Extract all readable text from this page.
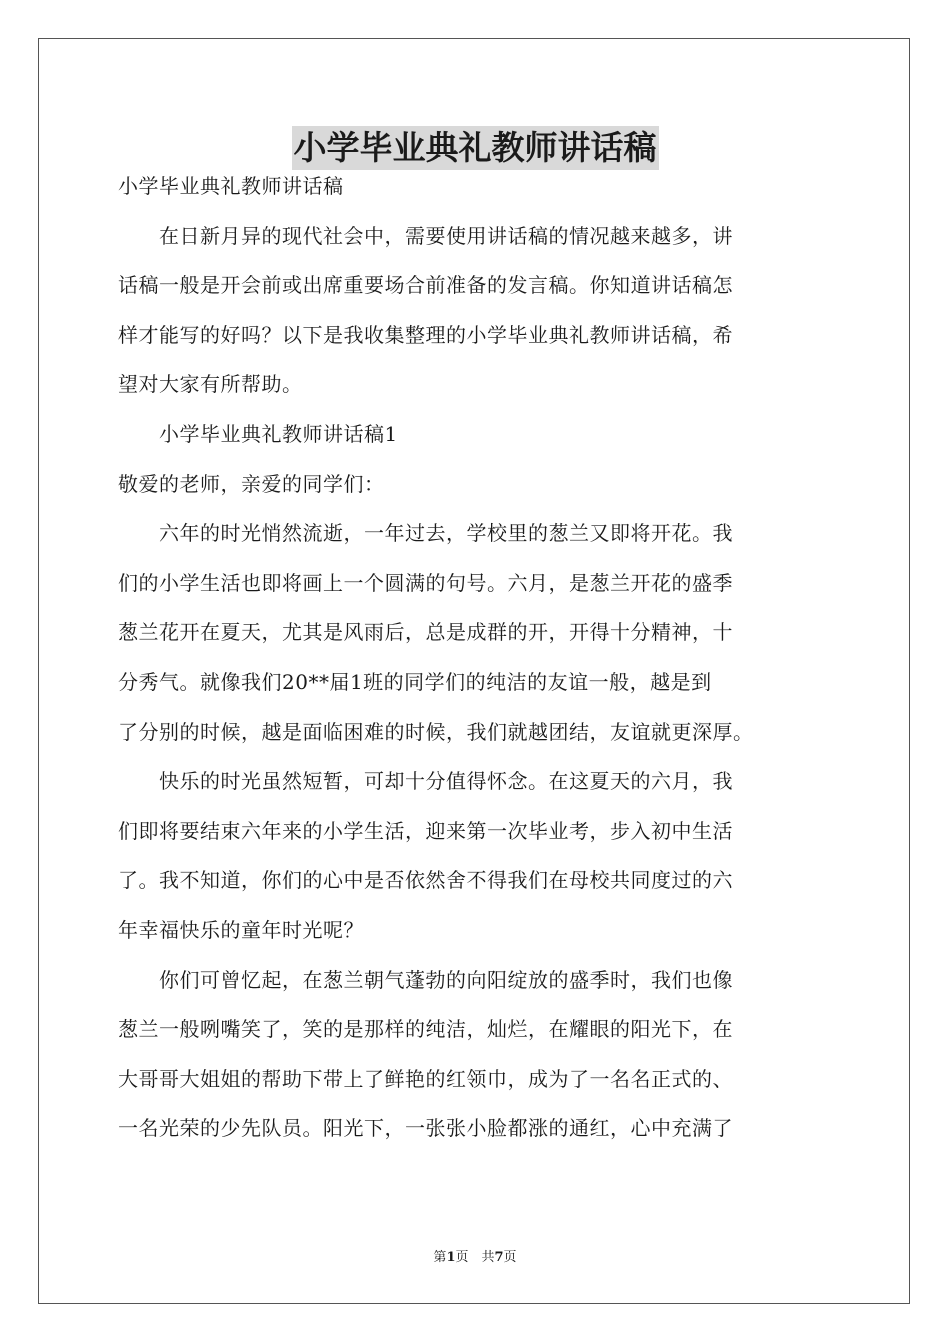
小学毕业典礼教师讲话稿

小学毕业典礼教师讲话稿

　　在日新月异的现代社会中，需要使用讲话稿的情况越来越多，讲

话稿一般是开会前或出席重要场合前准备的发言稿。你知道讲话稿怎

样才能写的好吗？以下是我收集整理的小学毕业典礼教师讲话稿，希

望对大家有所帮助。

　　小学毕业典礼教师讲话稿1

敬爱的老师，亲爱的同学们：

　　六年的时光悄然流逝，一年过去，学校里的葱兰又即将开花。我

们的小学生活也即将画上一个圆满的句号。六月，是葱兰开花的盛季

葱兰花开在夏天，尤其是风雨后，总是成群的开，开得十分精神，十

分秀气。就像我们20**届1班的同学们的纯洁的友谊一般，越是到

了分别的时候，越是面临困难的时候，我们就越团结，友谊就更深厚。

　　快乐的时光虽然短暂，可却十分值得怀念。在这夏天的六月，我

们即将要结束六年来的小学生活，迎来第一次毕业考，步入初中生活

了。我不知道，你们的心中是否依然舍不得我们在母校共同度过的六

年幸福快乐的童年时光呢？

　　你们可曾忆起，在葱兰朝气蓬勃的向阳绽放的盛季时，我们也像

葱兰一般咧嘴笑了，笑的是那样的纯洁，灿烂，在耀眼的阳光下，在

大哥哥大姐姐的帮助下带上了鲜艳的红领巾，成为了一名名正式的、

一名光荣的少先队员。阳光下，一张张小脸都涨的通红，心中充满了

第1页　共7页
